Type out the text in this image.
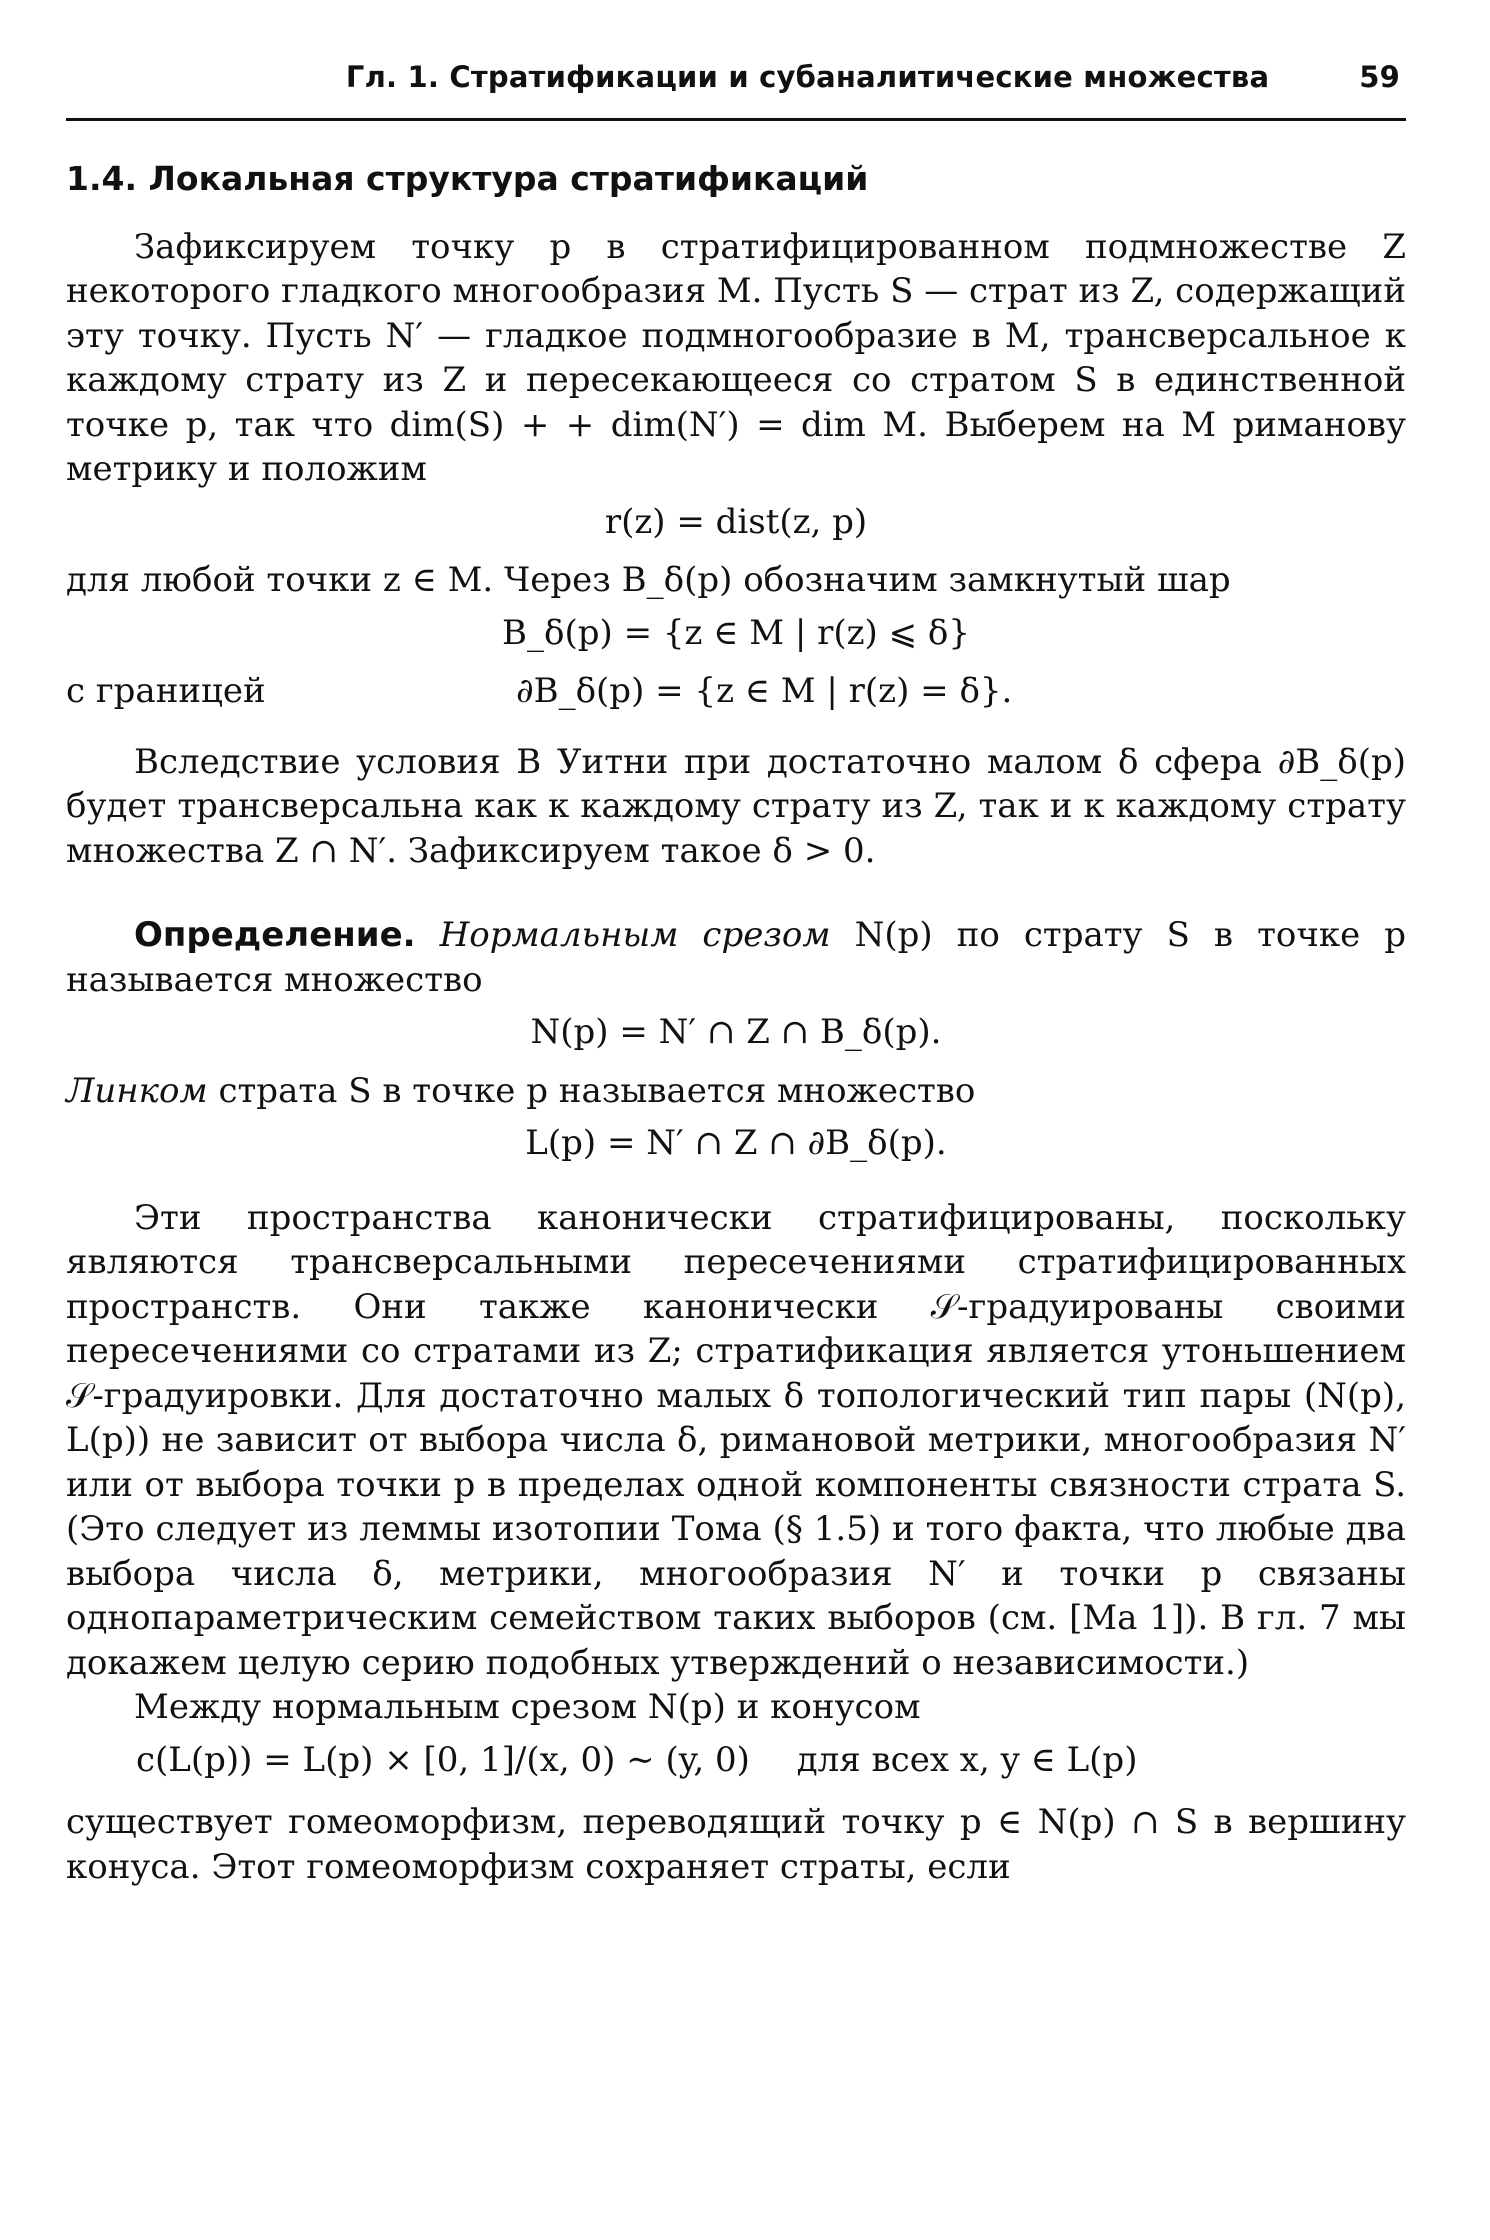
Гл. 1. Стратификации и субаналитические множества	59
1.4. Локальная структура стратификаций

Зафиксируем точку p в стратифицированном подмножестве Z некоторого гладкого многообразия M. Пусть S — страт из Z, содержащий эту точку. Пусть N′ — гладкое подмногообразие в M, трансверсальное к каждому страту из Z и пересекающееся со стратом S в единственной точке p, так что dim(S) + + dim(N′) = dim M. Выберем на M риманову метрику и положим

r(z) = dist(z, p)

для любой точки z ∈ M. Через B_δ(p) обозначим замкнутый шар

B_δ(p) = {z ∈ M | r(z) ⩽ δ}
с границей	∂B_δ(p) = {z ∈ M | r(z) = δ}.

Вследствие условия B Уитни при достаточно малом δ сфера ∂B_δ(p) будет трансверсальна как к каждому страту из Z, так и к каждому страту множества Z ∩ N′. Зафиксируем такое δ > 0.

Определение. Нормальным срезом N(p) по страту S в точке p называется множество

N(p) = N′ ∩ Z ∩ B_δ(p).

Линком страта S в точке p называется множество

L(p) = N′ ∩ Z ∩ ∂B_δ(p).

Эти пространства канонически стратифицированы, поскольку являются трансверсальными пересечениями стратифицированных пространств. Они также канонически 𝒮-градуированы своими пересечениями со стратами из Z; стратификация является утоньшением 𝒮-градуировки. Для достаточно малых δ топологический тип пары (N(p), L(p)) не зависит от выбора числа δ, римановой метрики, многообразия N′ или от выбора точки p в пределах одной компоненты связности страта S. (Это следует из леммы изотопии Тома (§ 1.5) и того факта, что любые два выбора числа δ, метрики, многообразия N′ и точки p связаны однопараметрическим семейством таких выборов (см. [Ma 1]). В гл. 7 мы докажем целую серию подобных утверждений о независимости.)

Между нормальным срезом N(p) и конусом

c(L(p)) = L(p) × [0, 1]/(x, 0) ∼ (y, 0) для всех x, y ∈ L(p)

существует гомеоморфизм, переводящий точку p ∈ N(p) ∩ S в вершину конуса. Этот гомеоморфизм сохраняет страты, если
